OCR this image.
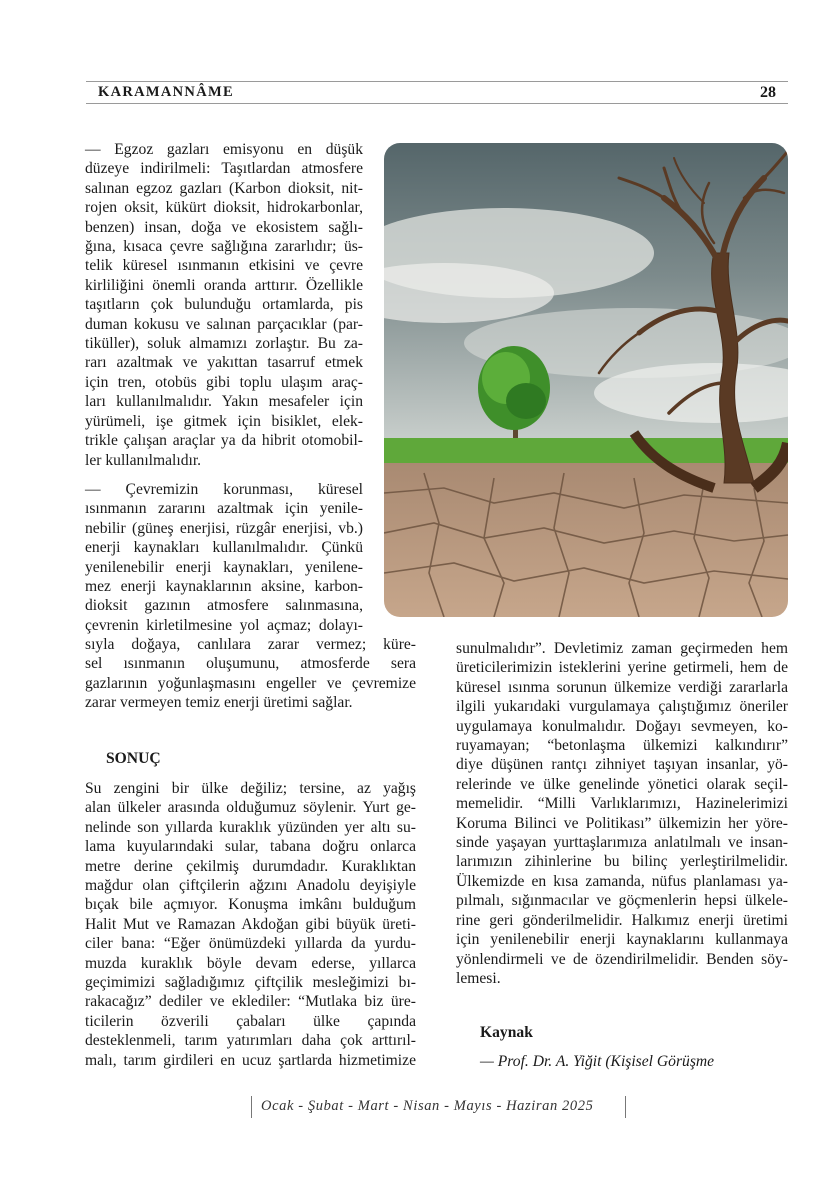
KARAMANNÂME	28
— Egzoz gazları emisyonu en düşük
düzeye indirilmeli: Taşıtlardan atmosfere
salınan egzoz gazları (Karbon dioksit, nit-
rojen oksit, kükürt dioksit, hidrokarbonlar,
benzen) insan, doğa ve ekosistem sağlı-
ğına, kısaca çevre sağlığına zararlıdır; üs-
telik küresel ısınmanın etkisini ve çevre
kirliliğini önemli oranda arttırır. Özellikle
taşıtların çok bulunduğu ortamlarda, pis
duman kokusu ve salınan parçacıklar (par-
tiküller), soluk almamızı zorlaştır. Bu za-
rarı azaltmak ve yakıttan tasarruf etmek
için tren, otobüs gibi toplu ulaşım araç-
ları kullanılmalıdır. Yakın mesafeler için
yürümeli, işe gitmek için bisiklet, elek-
trikle çalışan araçlar ya da hibrit otomobil-
ler kullanılmalıdır.
— Çevremizin korunması, küresel
ısınmanın zararını azaltmak için yenile-
nebilir (güneş enerjisi, rüzgâr enerjisi, vb.)
enerji kaynakları kullanılmalıdır. Çünkü
yenilenebilir enerji kaynakları, yenilene-
mez enerji kaynaklarının aksine, karbon-
dioksit gazının atmosfere salınmasına,
çevrenin kirletilmesine yol açmaz; dolayı-
sıyla doğaya, canlılara zarar vermez; küre-
sel ısınmanın oluşumunu, atmosferde sera
gazlarının yoğunlaşmasını engeller ve çevremize
zarar vermeyen temiz enerji üretimi sağlar.
SONUÇ
Su zengini bir ülke değiliz; tersine, az yağış
alan ülkeler arasında olduğumuz söylenir. Yurt ge-
nelinde son yıllarda kuraklık yüzünden yer altı su-
lama kuyularındaki sular, tabana doğru onlarca
metre derine çekilmiş durumdadır. Kuraklıktan
mağdur olan çiftçilerin ağzını Anadolu deyişiyle
bıçak bile açmıyor. Konuşma imkânı bulduğum
Halit Mut ve Ramazan Akdoğan gibi büyük üreti-
ciler bana: “Eğer önümüzdeki yıllarda da yurdu-
muzda kuraklık böyle devam ederse, yıllarca
geçimimizi sağladığımız çiftçilik mesleğimizi bı-
rakacağız” dediler ve eklediler: “Mutlaka biz üre-
ticilerin özverili çabaları ülke çapında
desteklenmeli, tarım yatırımları daha çok arttırıl-
malı, tarım girdileri en ucuz şartlarda hizmetimize
sunulmalıdır”. Devletimiz zaman geçirmeden hem
üreticilerimizin isteklerini yerine getirmeli, hem de
küresel ısınma sorunun ülkemize verdiği zararlarla
ilgili yukarıdaki vurgulamaya çalıştığımız öneriler
uygulamaya konulmalıdır. Doğayı sevmeyen, ko-
ruyamayan; “betonlaşma ülkemizi kalkındırır”
diye düşünen rantçı zihniyet taşıyan insanlar, yö-
relerinde ve ülke genelinde yönetici olarak seçil-
memelidir. “Milli Varlıklarımızı, Hazinelerimizi
Koruma Bilinci ve Politikası” ülkemizin her yöre-
sinde yaşayan yurttaşlarımıza anlatılmalı ve insan-
larımızın zihinlerine bu bilinç yerleştirilmelidir.
Ülkemizde en kısa zamanda, nüfus planlaması ya-
pılmalı, sığınmacılar ve göçmenlerin hepsi ülkele-
rine geri gönderilmelidir. Halkımız enerji üretimi
için yenilenebilir enerji kaynaklarını kullanmaya
yönlendirmeli ve de özendirilmelidir. Benden söy-
lemesi.
Kaynak
— Prof. Dr. A. Yiğit (Kişisel Görüşme
Ocak - Şubat - Mart - Nisan - Mayıs - Haziran 2025
